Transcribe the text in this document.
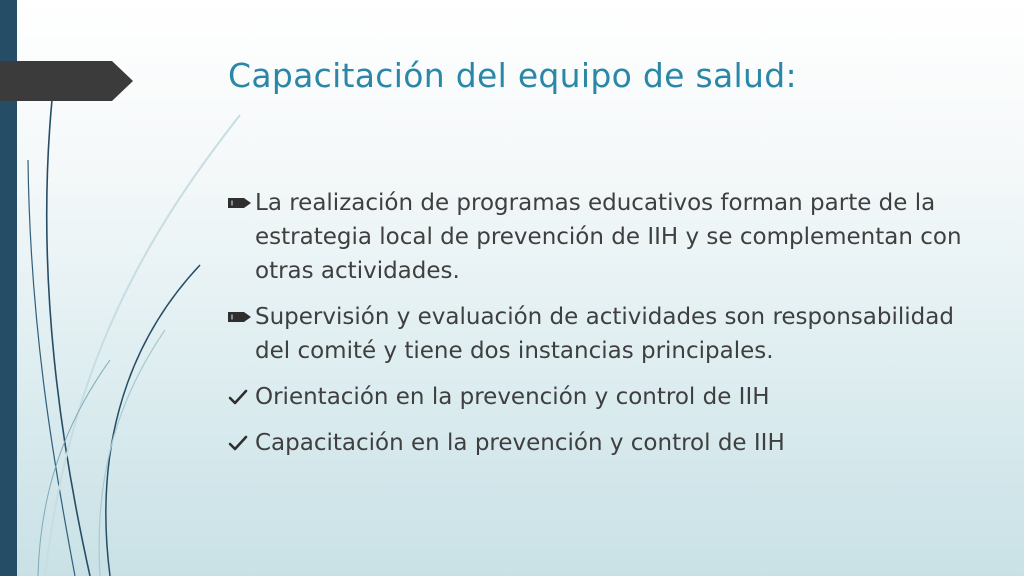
Capacitación del equipo de salud:
La realización de programas educativos forman parte de la estrategia local de prevención de IIH y se complementan con otras actividades.
Supervisión y evaluación de actividades son responsabilidad del comité y tiene dos instancias principales.
Orientación en la prevención y control de IIH
Capacitación en la prevención y control de IIH
